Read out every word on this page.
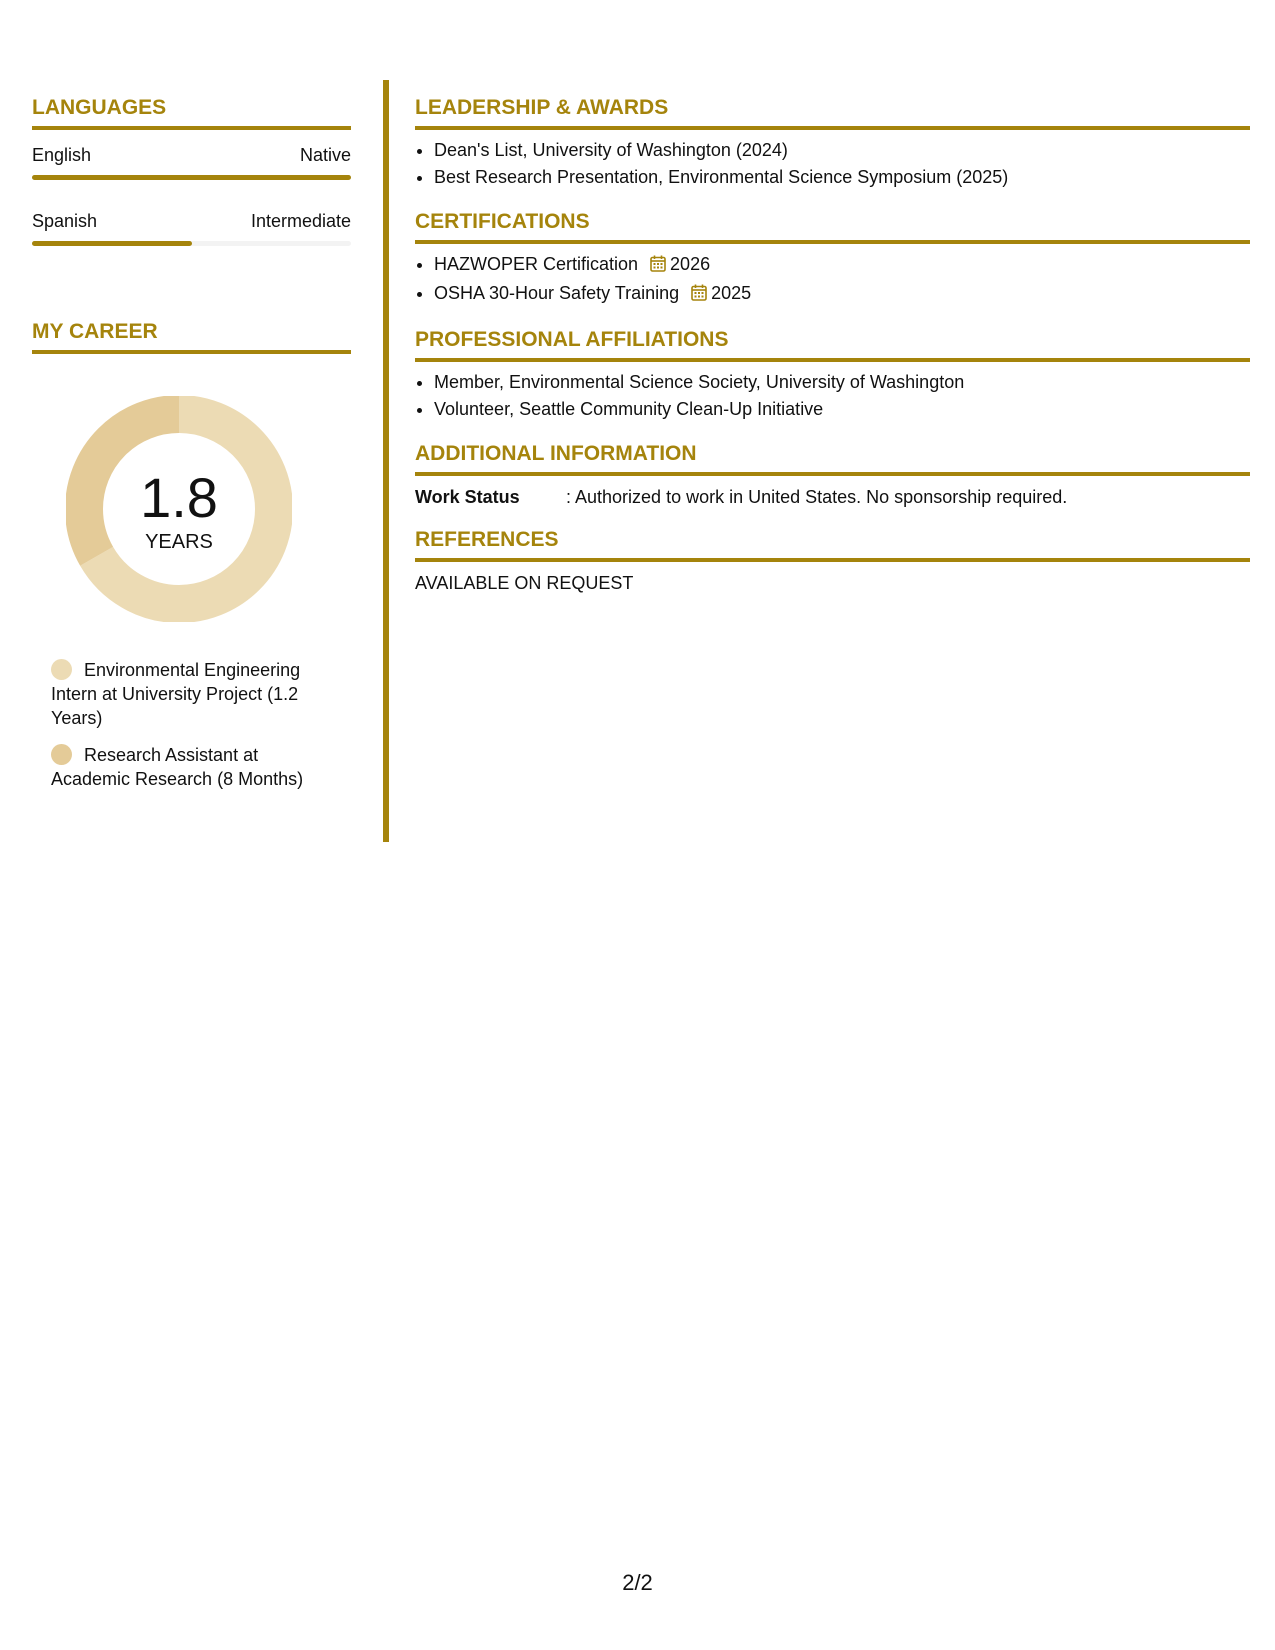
LANGUAGES
English	Native
Spanish	Intermediate
MY CAREER
1.8
YEARS
Environmental Engineering Intern at University Project (1.2 Years)
Research Assistant at Academic Research (8 Months)
LEADERSHIP & AWARDS
• Dean's List, University of Washington (2024)
• Best Research Presentation, Environmental Science Symposium (2025)
CERTIFICATIONS
• HAZWOPER Certification 2026
• OSHA 30-Hour Safety Training 2025
PROFESSIONAL AFFILIATIONS
• Member, Environmental Science Society, University of Washington
• Volunteer, Seattle Community Clean-Up Initiative
ADDITIONAL INFORMATION
Work Status	: Authorized to work in United States. No sponsorship required.
REFERENCES
AVAILABLE ON REQUEST
2/2
